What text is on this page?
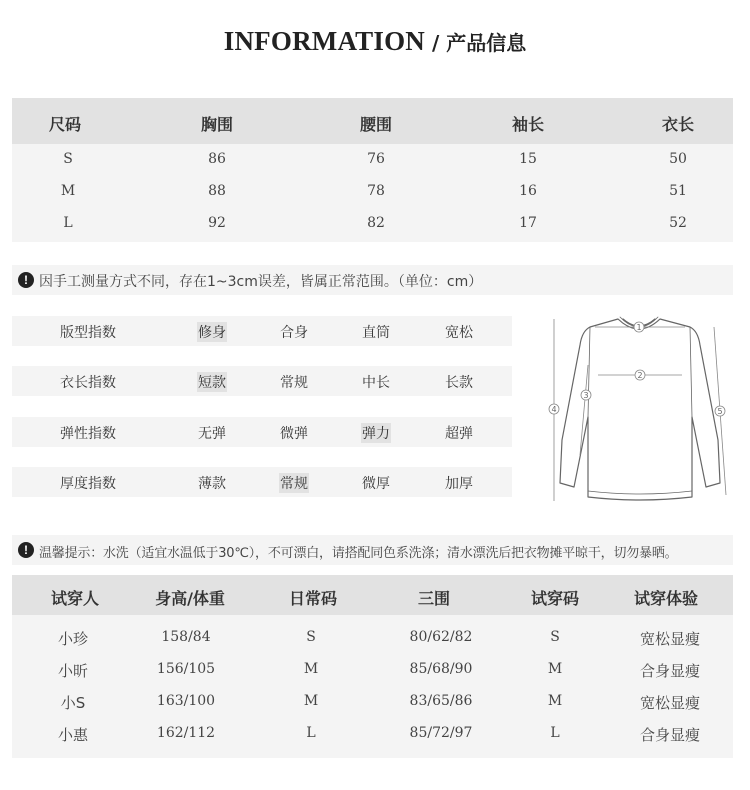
INFORMATION / 产品信息
尺码	胸围	腰围	袖长	衣长
S	86	76	15	50
M	88	78	16	51
L	92	82	17	52
! 因手工测量方式不同，存在1~3cm误差，皆属正常范围。（单位：cm）
版型指数	修身	合身	直筒	宽松
衣长指数	短款	常规	中长	长款
弹性指数	无弹	微弹	弹力	超弹
厚度指数	薄款	常规	微厚	加厚
1
2
3
4	5
! 温馨提示：水洗（适宜水温低于30℃），不可漂白，请搭配同色系洗涤；清水漂洗后把衣物摊平晾干，切勿暴晒。
试穿人	身高/体重	日常码	三围	试穿码	试穿体验
小珍	158/84	S	80/62/82	S	宽松显瘦
小昕	156/105	M	85/68/90	M	合身显瘦
小S	163/100	M	83/65/86	M	宽松显瘦
小惠	162/112	L	85/72/97	L	合身显瘦
